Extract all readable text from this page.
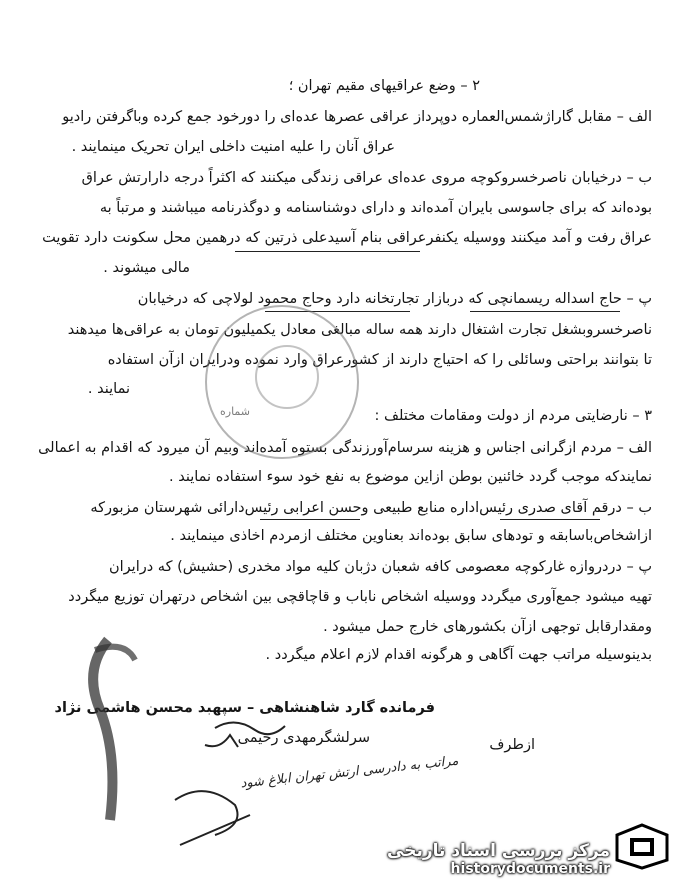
۲ – وضع عراقیهای مقیم تهران ؛
الف – مقابل گاراژشمس‌العماره دوپرداز عراقی عصرها عده‌ای را دورخود جمع کرده وباگرفتن رادیو
عراق آنان را علیه امنیت داخلی ایران تحریک مینمایند .
ب – درخیابان ناصرخسروکوچه مروی عده‌ای عراقی زندگی میکنند که اکثراً درجه دارارتش عراق
بوده‌اند که برای جاسوسی بایران آمده‌اند و دارای دوشناسنامه و دوگذرنامه میباشند و مرتباً به
عراق رفت و آمد میکنند ووسیله یکنفرعراقی بنام آسیدعلی ذرتین که درهمین محل سکونت دارد تقویت
مالی میشوند .
پ – حاج اسداله ریسمانچی که دربازار تجارتخانه دارد وحاج محمود لولاچی که درخیابان
ناصرخسروبشغل تجارت اشتغال دارند همه ساله مبالغی معادل یکمیلیون تومان به عراقی‌ها میدهند
تا بتوانند براحتی وسائلی را که احتیاج دارند از کشورعراق وارد نموده ودرایران ازآن استفاده
نمایند .
۳ – نارضایتی مردم از دولت ومقامات مختلف :
الف – مردم ازگرانی اجناس و هزینه سرسام‌آورزندگی بستوه آمده‌اند وبیم آن میرود که اقدام به اعمالی
نمایندکه موجب گردد خائنین بوطن ازاین موضوع به نفع خود سوء استفاده نمایند .
ب – درقم آقای صدری رئیس‌اداره منابع طبیعی وحسن اعرابی رئیس‌دارائی شهرستان مزبورکه
ازاشخاص‌باسابقه و تودهای سابق بوده‌اند بعناوین مختلف ازمردم اخاذی مینمایند .
پ – دردروازه غارکوچه معصومی کافه شعبان دژبان کلیه مواد مخدری (حشیش) که درایران
تهیه میشود جمع‌آوری میگردد ووسیله اشخاص ناباب و قاچاقچی بین اشخاص درتهران توزیع میگردد
ومقدارقابل توجهی ازآن بکشورهای خارج حمل میشود .
بدینوسیله مراتب جهت آگاهی و هرگونه اقدام لازم اعلام میگردد .
شماره
فرمانده گارد شاهنشاهی – سپهبد محسن هاشمی نژاد
ازطرف
سرلشگرمهدی رحیمی
مراتب به دادرسی ارتش تهران ابلاغ شود
مرکز بررسی اسناد تاریخی
historydocuments.ir
